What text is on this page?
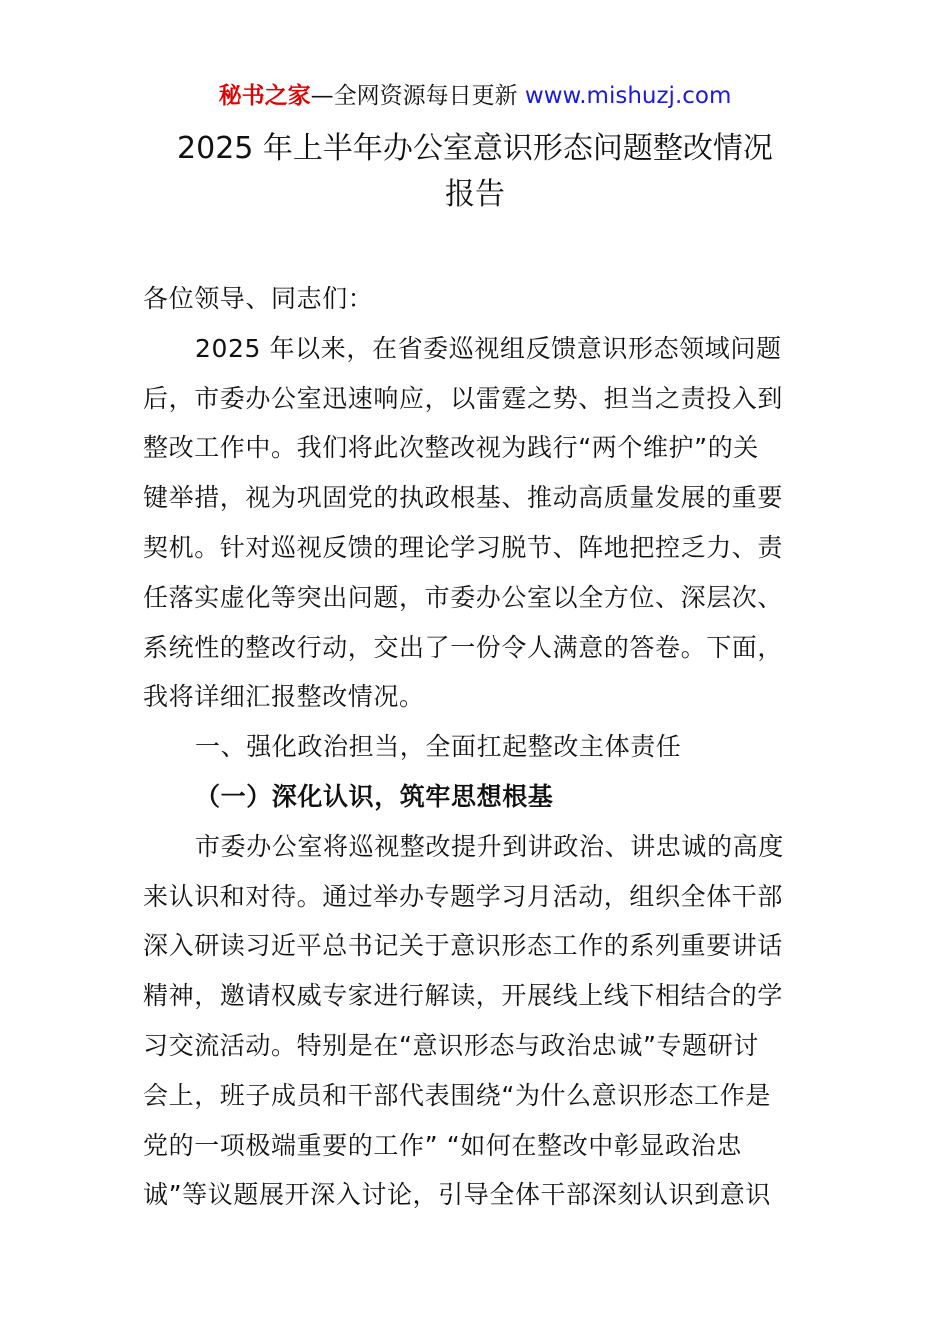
秘书之家—全网资源每日更新 www.mishuzj.com
2025 年上半年办公室意识形态问题整改情况
报告
各位领导、同志们：
2025 年以来，在省委巡视组反馈意识形态领域问题
后，市委办公室迅速响应，以雷霆之势、担当之责投入到
整改工作中。我们将此次整改视为践行“两个维护”的关
键举措，视为巩固党的执政根基、推动高质量发展的重要
契机。针对巡视反馈的理论学习脱节、阵地把控乏力、责
任落实虚化等突出问题，市委办公室以全方位、深层次、
系统性的整改行动，交出了一份令人满意的答卷。下面，
我将详细汇报整改情况。
一、强化政治担当，全面扛起整改主体责任
（一）深化认识，筑牢思想根基
市委办公室将巡视整改提升到讲政治、讲忠诚的高度
来认识和对待。通过举办专题学习月活动，组织全体干部
深入研读习近平总书记关于意识形态工作的系列重要讲话
精神，邀请权威专家进行解读，开展线上线下相结合的学
习交流活动。特别是在“意识形态与政治忠诚”专题研讨
会上，班子成员和干部代表围绕“为什么意识形态工作是
党的一项极端重要的工作” “如何在整改中彰显政治忠
诚”等议题展开深入讨论，引导全体干部深刻认识到意识
